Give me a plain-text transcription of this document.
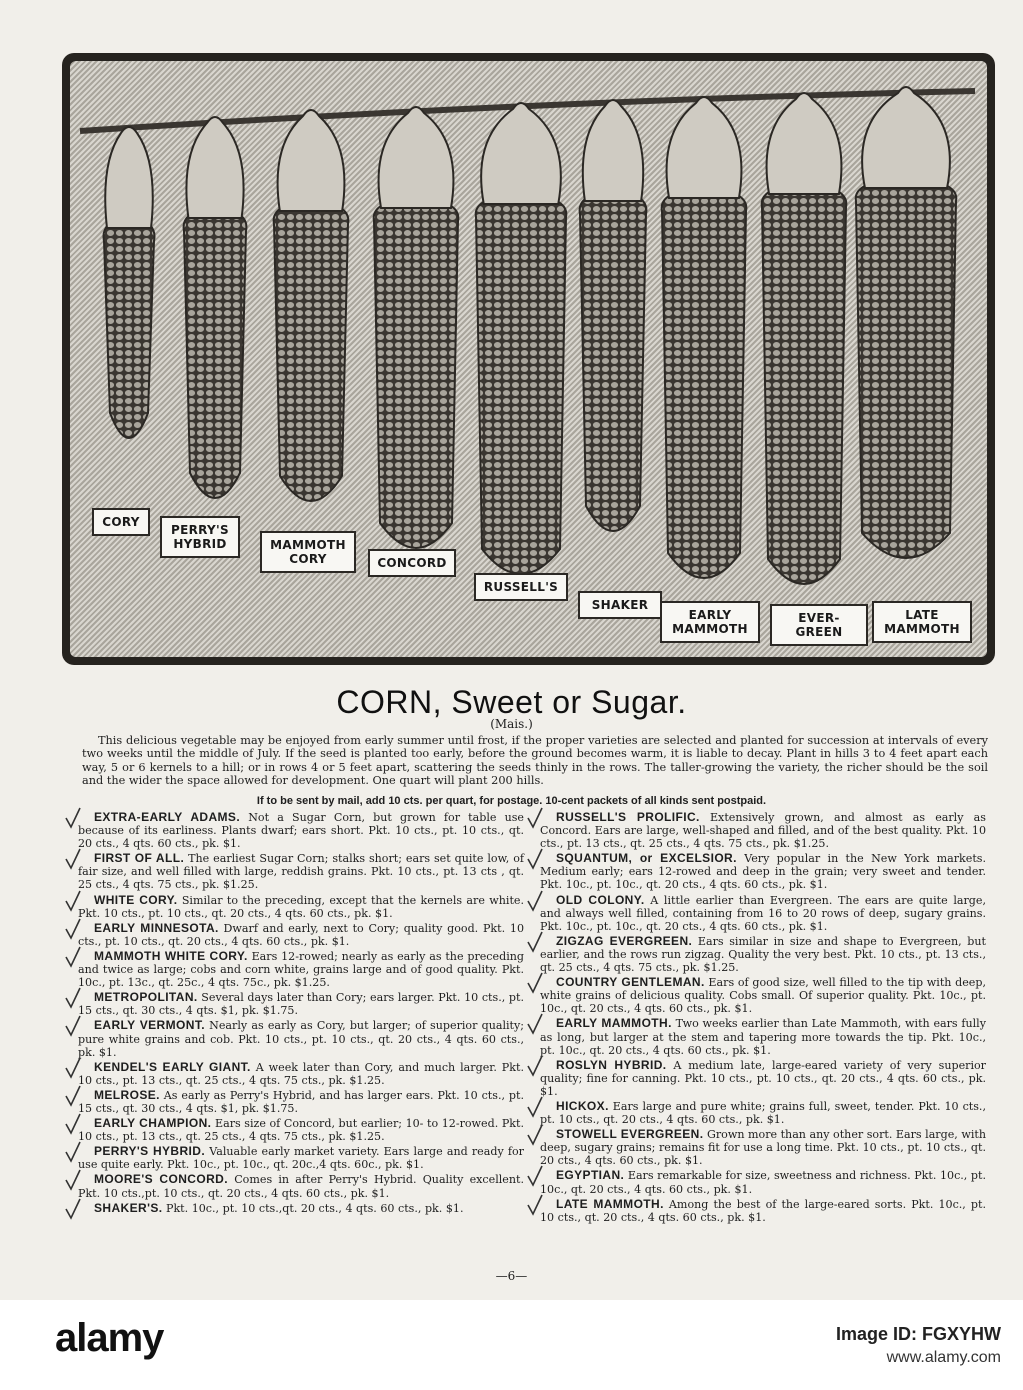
CORY
PERRY'S
HYBRID	MAMMOTH
CORY	CONCORD
RUSSELL'S
SHAKER
EARLY
MAMMOTH
EVER-
GREEN
LATE
MAMMOTH
CORN, Sweet or Sugar.
(Mais.)

This delicious vegetable may be enjoyed from early summer until frost, if the proper varieties are selected and planted for succession at intervals of every two weeks until the middle of July. If the seed is planted too early, before the ground becomes warm, it is liable to decay. Plant in hills 3 to 4 feet apart each way, 5 or 6 kernels to a hill; or in rows 4 or 5 feet apart, scattering the seeds thinly in the rows. The taller-growing the variety, the richer should be the soil and the wider the space allowed for development. One quart will plant 200 hills.

If to be sent by mail, add 10 cts. per quart, for postage. 10-cent packets of all kinds sent postpaid.

EXTRA-EARLY ADAMS. Not a Sugar Corn, but grown for table use because of its earliness. Plants dwarf; ears short. Pkt. 10 cts., pt. 10 cts., qt. 20 cts., 4 qts. 60 cts., pk. $1.

FIRST OF ALL. The earliest Sugar Corn; stalks short; ears set quite low, of fair size, and well filled with large, reddish grains. Pkt. 10 cts., pt. 13 cts , qt. 25 cts., 4 qts. 75 cts., pk. $1.25.

WHITE CORY. Similar to the preceding, except that the kernels are white. Pkt. 10 cts., pt. 10 cts., qt. 20 cts., 4 qts. 60 cts., pk. $1.

EARLY MINNESOTA. Dwarf and early, next to Cory; quality good. Pkt. 10 cts., pt. 10 cts., qt. 20 cts., 4 qts. 60 cts., pk. $1.

MAMMOTH WHITE CORY. Ears 12-rowed; nearly as early as the preceding and twice as large; cobs and corn white, grains large and of good quality. Pkt. 10c., pt. 13c., qt. 25c., 4 qts. 75c., pk. $1.25.

METROPOLITAN. Several days later than Cory; ears larger. Pkt. 10 cts., pt. 15 cts., qt. 30 cts., 4 qts. $1, pk. $1.75.

EARLY VERMONT. Nearly as early as Cory, but larger; of superior quality; pure white grains and cob. Pkt. 10 cts., pt. 10 cts., qt. 20 cts., 4 qts. 60 cts., pk. $1.

KENDEL'S EARLY GIANT. A week later than Cory, and much larger. Pkt. 10 cts., pt. 13 cts., qt. 25 cts., 4 qts. 75 cts., pk. $1.25.

MELROSE. As early as Perry's Hybrid, and has larger ears. Pkt. 10 cts., pt. 15 cts., qt. 30 cts., 4 qts. $1, pk. $1.75.

EARLY CHAMPION. Ears size of Concord, but earlier; 10- to 12-rowed. Pkt. 10 cts., pt. 13 cts., qt. 25 cts., 4 qts. 75 cts., pk. $1.25.

PERRY'S HYBRID. Valuable early market variety. Ears large and ready for use quite early. Pkt. 10c., pt. 10c., qt. 20c.,4 qts. 60c., pk. $1.

MOORE'S CONCORD. Comes in after Perry's Hybrid. Quality excellent. Pkt. 10 cts.,pt. 10 cts., qt. 20 cts., 4 qts. 60 cts., pk. $1.

SHAKER'S. Pkt. 10c., pt. 10 cts.,qt. 20 cts., 4 qts. 60 cts., pk. $1.

RUSSELL'S PROLIFIC. Extensively grown, and almost as early as Concord. Ears are large, well-shaped and filled, and of the best quality. Pkt. 10 cts., pt. 13 cts., qt. 25 cts., 4 qts. 75 cts., pk. $1.25.

SQUANTUM, or EXCELSIOR. Very popular in the New York markets. Medium early; ears 12-rowed and deep in the grain; very sweet and tender. Pkt. 10c., pt. 10c., qt. 20 cts., 4 qts. 60 cts., pk. $1.

OLD COLONY. A little earlier than Evergreen. The ears are quite large, and always well filled, containing from 16 to 20 rows of deep, sugary grains. Pkt. 10c., pt. 10c., qt. 20 cts., 4 qts. 60 cts., pk. $1.

ZIGZAG EVERGREEN. Ears similar in size and shape to Evergreen, but earlier, and the rows run zigzag. Quality the very best. Pkt. 10 cts., pt. 13 cts., qt. 25 cts., 4 qts. 75 cts., pk. $1.25.

COUNTRY GENTLEMAN. Ears of good size, well filled to the tip with deep, white grains of delicious quality. Cobs small. Of superior quality. Pkt. 10c., pt. 10c., qt. 20 cts., 4 qts. 60 cts., pk. $1.

EARLY MAMMOTH. Two weeks earlier than Late Mammoth, with ears fully as long, but larger at the stem and tapering more towards the tip. Pkt. 10c., pt. 10c., qt. 20 cts., 4 qts. 60 cts., pk. $1.

ROSLYN HYBRID. A medium late, large-eared variety of very superior quality; fine for canning. Pkt. 10 cts., pt. 10 cts., qt. 20 cts., 4 qts. 60 cts., pk. $1.

HICKOX. Ears large and pure white; grains full, sweet, tender. Pkt. 10 cts., pt. 10 cts., qt. 20 cts., 4 qts. 60 cts., pk. $1.

STOWELL EVERGREEN. Grown more than any other sort. Ears large, with deep, sugary grains; remains fit for use a long time. Pkt. 10 cts., pt. 10 cts., qt. 20 cts., 4 qts. 60 cts., pk. $1.

EGYPTIAN. Ears remarkable for size, sweetness and richness. Pkt. 10c., pt. 10c., qt. 20 cts., 4 qts. 60 cts., pk. $1.

LATE MAMMOTH. Among the best of the large-eared sorts. Pkt. 10c., pt. 10 cts., qt. 20 cts., 4 qts. 60 cts., pk. $1.

—6—
alamy	Image ID: FGXYHW
www.alamy.com
